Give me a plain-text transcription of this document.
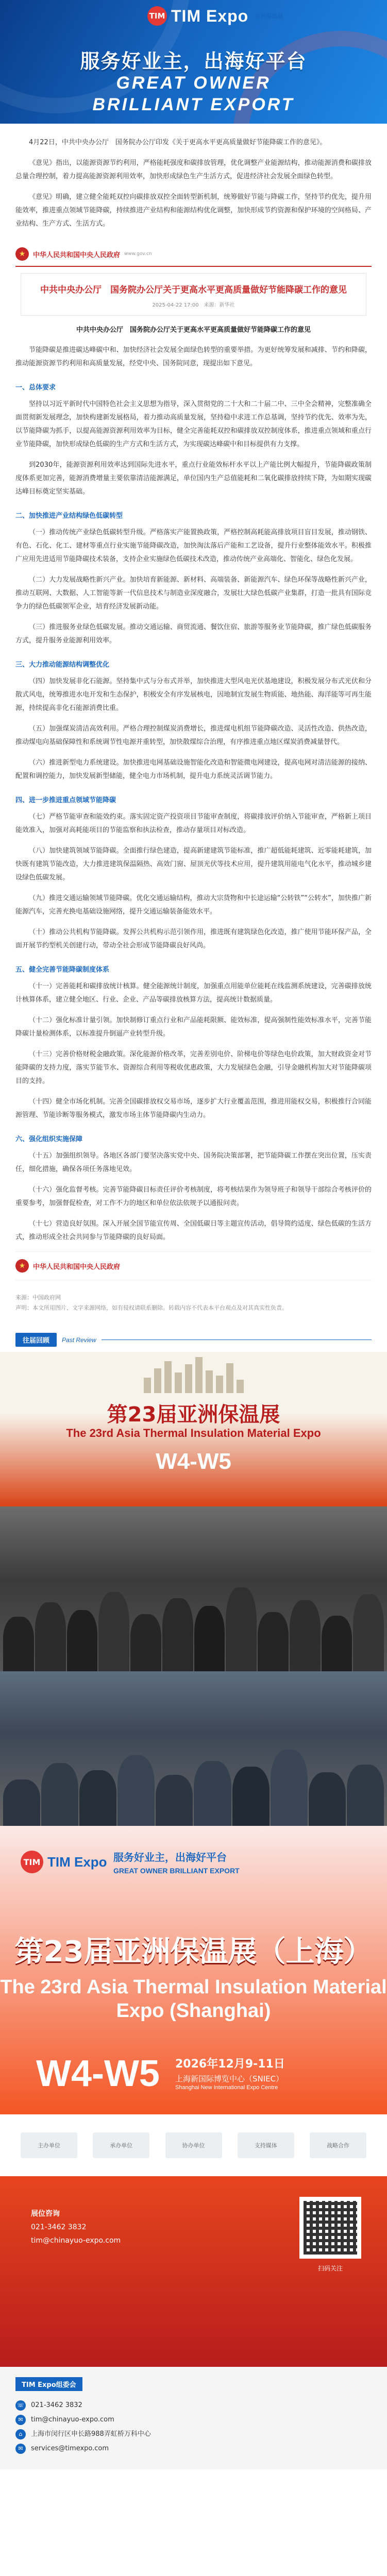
TIM TIM Expo 亚洲保温展
服务好业主，出海好平台
GREAT OWNER
BRILLIANT EXPORT

4月22日，中共中央办公厅　国务院办公厅印发《关于更高水平更高质量做好节能降碳工作的意见》。

《意见》指出，以能源资源节约利用，严格能耗强度和碳排放管理，优化调整产业能源结构，推动能源消费和碳排放总量合理控制，着力提高能源资源利用效率，加快形成绿色生产生活方式，促进经济社会发展全面绿色转型。

《意见》明确，建立健全能耗双控向碳排放双控全面转型新机制，统筹做好节能与降碳工作，坚持节约优先，提升用能效率，推进重点领域节能降碳，持续推进产业结构和能源结构优化调整，加快形成节约资源和保护环境的空间格局、产业结构、生产方式、生活方式。

★	中华人民共和国中央人民政府 www.gov.cn
中共中央办公厅　国务院办公厅关于更高水平更高质量做好节能降碳工作的意见
2025-04-22 17:00　来源：新华社
中共中央办公厅　国务院办公厅关于更高水平更高质量做好节能降碳工作的意见

节能降碳是推进碳达峰碳中和、加快经济社会发展全面绿色转型的重要举措。为更好统筹发展和减排、节约和降碳，推动能源资源节约利用和高质量发展，经党中央、国务院同意，现提出如下意见。

一、总体要求

坚持以习近平新时代中国特色社会主义思想为指导，深入贯彻党的二十大和二十届二中、三中全会精神，完整准确全面贯彻新发展理念，加快构建新发展格局，着力推动高质量发展，坚持稳中求进工作总基调，坚持节约优先、效率为先，以节能降碳为抓手，以提高能源资源利用效率为目标，健全完善能耗双控和碳排放双控制度体系，推进重点领域和重点行业节能降碳，加快形成绿色低碳的生产方式和生活方式，为实现碳达峰碳中和目标提供有力支撑。

到2030年，能源资源利用效率达到国际先进水平，重点行业能效标杆水平以上产能比例大幅提升，节能降碳政策制度体系更加完善，能源消费增量主要依靠清洁能源满足，单位国内生产总值能耗和二氧化碳排放持续下降，为如期实现碳达峰目标奠定坚实基础。

二、加快推进产业结构绿色低碳转型

（一）推动传统产业绿色低碳转型升级。严格落实产能置换政策，严格控制高耗能高排放项目盲目发展，推动钢铁、有色、石化、化工、建材等重点行业实施节能降碳改造，加快淘汰落后产能和工艺设备，提升行业整体能效水平。积极推广应用先进适用节能降碳技术装备，支持企业实施绿色低碳技术改造，推动传统产业高端化、智能化、绿色化发展。

（二）大力发展战略性新兴产业。加快培育新能源、新材料、高端装备、新能源汽车、绿色环保等战略性新兴产业，推动互联网、大数据、人工智能等新一代信息技术与制造业深度融合，发展壮大绿色低碳产业集群，打造一批具有国际竞争力的绿色低碳领军企业，培育经济发展新动能。

（三）推进服务业绿色低碳发展。推动交通运输、商贸流通、餐饮住宿、旅游等服务业节能降碳，推广绿色低碳服务方式，提升服务业能源利用效率。

三、大力推动能源结构调整优化

（四）加快发展非化石能源。坚持集中式与分布式并举，加快推进大型风电光伏基地建设，积极发展分布式光伏和分散式风电，统筹推进水电开发和生态保护，积极安全有序发展核电，因地制宜发展生物质能、地热能、海洋能等可再生能源，持续提高非化石能源消费比重。

（五）加强煤炭清洁高效利用。严格合理控制煤炭消费增长，推进煤电机组节能降碳改造、灵活性改造、供热改造，推动煤电向基础保障性和系统调节性电源并重转型，加快散煤综合治理，有序推进重点地区煤炭消费减量替代。

（六）推进新型电力系统建设。加快推进电网基础设施智能化改造和智能微电网建设，提高电网对清洁能源的接纳、配置和调控能力，加快发展新型储能，健全电力市场机制，提升电力系统灵活调节能力。

四、进一步推进重点领域节能降碳

（七）严格节能审查和能效约束。落实固定资产投资项目节能审查制度，将碳排放评价纳入节能审查，严格新上项目能效准入，加强对高耗能项目的节能监察和执法检查，推动存量项目对标改造。

（八）加快建筑领域节能降碳。全面推行绿色建造，提高新建建筑节能标准，推广超低能耗建筑、近零能耗建筑，加快既有建筑节能改造，大力推进建筑保温隔热、高效门窗、屋顶光伏等技术应用，提升建筑用能电气化水平，推动城乡建设绿色低碳发展。

（九）推进交通运输领域节能降碳。优化交通运输结构，推动大宗货物和中长途运输“公转铁”“公转水”，加快推广新能源汽车，完善充换电基础设施网络，提升交通运输装备能效水平。

（十）推动公共机构节能降碳。发挥公共机构示范引领作用，推进既有建筑绿色化改造，推广使用节能环保产品，全面开展节约型机关创建行动，带动全社会形成节能降碳良好风尚。

五、健全完善节能降碳制度体系

（十一）完善能耗和碳排放统计核算。健全能源统计制度，加强重点用能单位能耗在线监测系统建设，完善碳排放统计核算体系，建立健全地区、行业、企业、产品等碳排放核算方法，提高统计数据质量。

（十二）强化标准计量引领。加快制修订重点行业和产品能耗限额、能效标准，提高强制性能效标准水平，完善节能降碳计量检测体系，以标准提升倒逼产业转型升级。

（十三）完善价格财税金融政策。深化能源价格改革，完善差别电价、阶梯电价等绿色电价政策，加大财政资金对节能降碳的支持力度，落实节能节水、资源综合利用等税收优惠政策，大力发展绿色金融，引导金融机构加大对节能降碳项目的支持。

（十四）健全市场化机制。完善全国碳排放权交易市场，逐步扩大行业覆盖范围，推进用能权交易，积极推行合同能源管理、节能诊断等服务模式，激发市场主体节能降碳内生动力。

六、强化组织实施保障

（十五）加强组织领导。各地区各部门要坚决落实党中央、国务院决策部署，把节能降碳工作摆在突出位置，压实责任，细化措施，确保各项任务落地见效。

（十六）强化监督考核。完善节能降碳目标责任评价考核制度，将考核结果作为领导班子和领导干部综合考核评价的重要参考，加强督促检查，对工作不力的地区和单位依法依规予以通报问责。

（十七）营造良好氛围。深入开展全国节能宣传周、全国低碳日等主题宣传活动，倡导简约适度、绿色低碳的生活方式，推动形成全社会共同参与节能降碳的良好局面。

★	中华人民共和国中央人民政府
来源：中国政府网
声明：本文所用图片、文字来源网络，如有侵权请联系删除。转载内容不代表本平台观点及对其真实性负责。
往届回顾	Past Review
第23届亚洲保温展
The 23rd Asia Thermal Insulation Material Expo
W4-W5
TIM TIM Expo 服务好业主，出海好平台
GREAT OWNER BRILLIANT EXPORT
第23届亚洲保温展（上海）
The 23rd Asia Thermal Insulation Material Expo (Shanghai)
W4-W5 2026年12月9-11日
上海新国际博览中心（SNIEC）
Shanghai New International Expo Centre
主办单位	承办单位	协办单位	支持媒体	战略合作
展位咨询
021-3462 3832
tim@chinayuo-expo.com
扫码关注
TIM Expo组委会
☏ 021-3462 3832
✉	tim@chinayuo-expo.com
⌂	上海市闵行区申长路988弄虹桥万科中心
✉	services@timexpo.com
